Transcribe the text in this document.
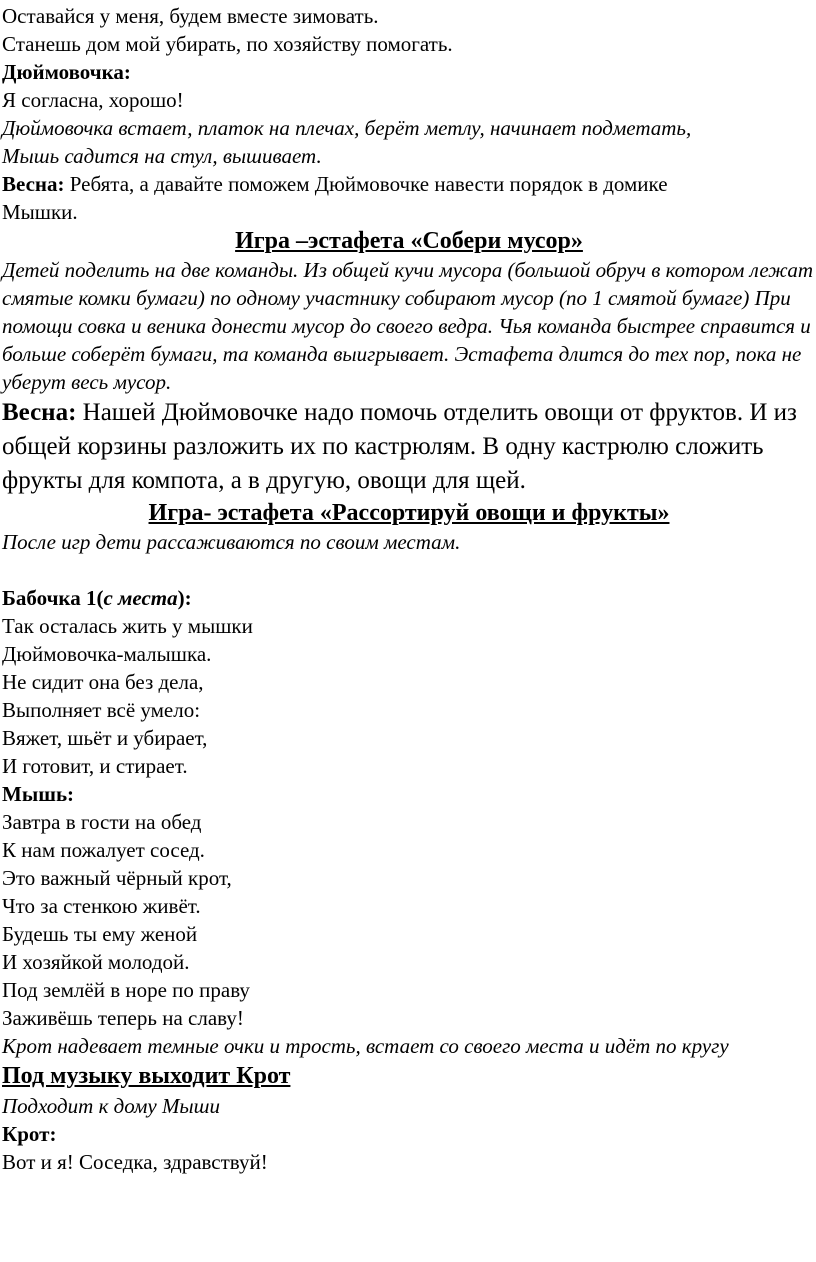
Оставайся у меня, будем вместе зимовать.

Станешь дом мой убирать, по хозяйству помогать.

Дюймовочка:

Я согласна, хорошо!

Дюймовочка встает, платок на плечах, берёт метлу, начинает подметать,

Мышь садится на стул, вышивает.

Весна: Ребята, а давайте поможем Дюймовочке навести порядок в домике

Мышки.

Игра –эстафета «Собери мусор»

Детей поделить на две команды. Из общей кучи мусора (большой обруч в котором лежат смятые комки бумаги) по одному участнику собирают мусор (по 1 смятой бумаге) При помощи совка и веника донести мусор до своего ведра. Чья команда быстрее справится и больше соберёт бумаги, та команда выигрывает. Эстафета длится до тех пор, пока не уберут весь мусор.

Весна: Нашей Дюймовочке надо помочь отделить овощи от фруктов. И из общей корзины разложить их по кастрюлям. В одну кастрюлю сложить фрукты для компота, а в другую, овощи для щей.

Игра- эстафета «Рассортируй овощи и фрукты»

После игр дети рассаживаются по своим местам.

Бабочка 1(с места):

Так осталась жить у мышки

Дюймовочка-малышка.

Не сидит она без дела,

Выполняет всё умело:

Вяжет, шьёт и убирает,

И готовит, и стирает.

Мышь:

Завтра в гости на обед

К нам пожалует сосед.

Это важный чёрный крот,

Что за стенкою живёт.

Будешь ты ему женой

И хозяйкой молодой.

Под землёй в норе по праву

Заживёшь теперь на славу!

Крот надевает темные очки и трость, встает со своего места и идёт по кругу

Под музыку выходит Крот

Подходит к дому Мыши

Крот:

Вот и я! Соседка, здравствуй!
